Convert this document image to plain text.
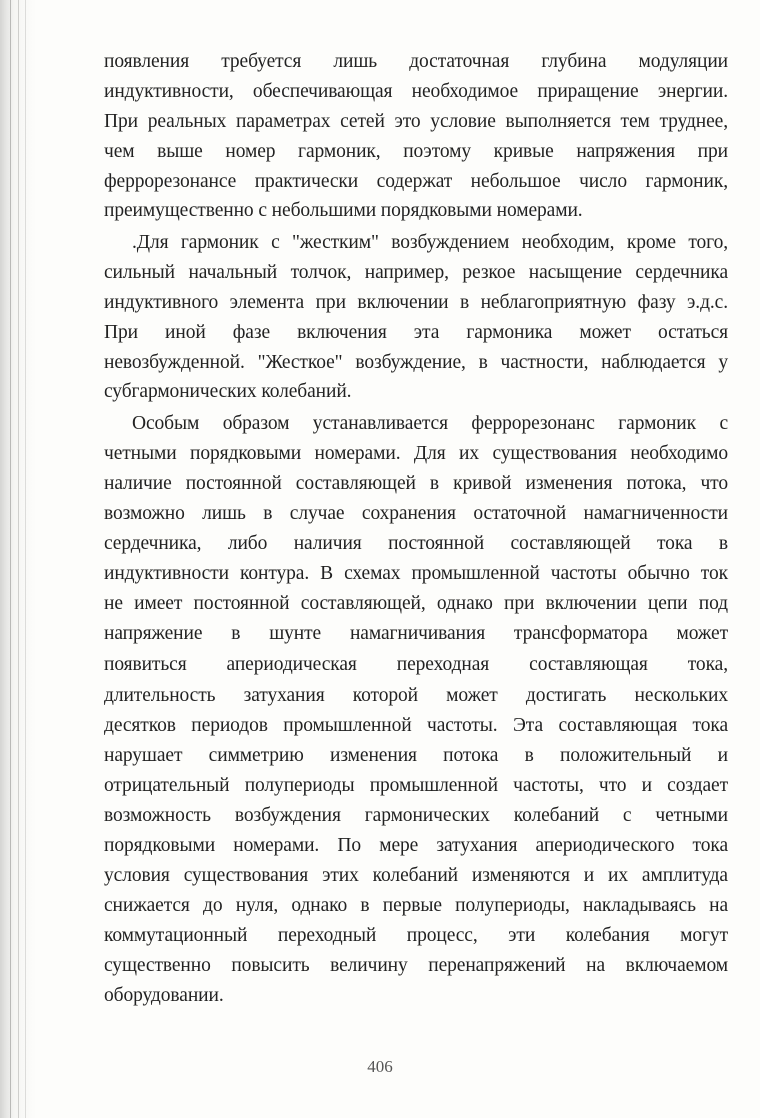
появления требуется лишь достаточная глубина модуляции
индуктивности, обеспечивающая необходимое приращение энергии.
При реальных параметрах сетей это условие выполняется тем труднее,
чем выше номер гармоник, поэтому кривые напряжения при
феррорезонансе практически содержат небольшое число гармоник,
преимущественно с небольшими порядковыми номерами.
.Для гармоник с "жестким" возбуждением необходим, кроме того,
сильный начальный толчок, например, резкое насыщение сердечника
индуктивного элемента при включении в неблагоприятную фазу э.д.с.
При иной фазе включения эта гармоника может остаться
невозбужденной. "Жесткое" возбуждение, в частности, наблюдается у
субгармонических колебаний.
Особым образом устанавливается феррорезонанс гармоник с
четными порядковыми номерами. Для их существования необходимо
наличие постоянной составляющей в кривой изменения потока, что
возможно лишь в случае сохранения остаточной намагниченности
сердечника, либо наличия постоянной составляющей тока в
индуктивности контура. В схемах промышленной частоты обычно ток
не имеет постоянной составляющей, однако при включении цепи под
напряжение в шунте намагничивания трансформатора может
появиться апериодическая переходная составляющая тока,
длительность затухания которой может достигать нескольких
десятков периодов промышленной частоты. Эта составляющая тока
нарушает симметрию изменения потока в положительный и
отрицательный полупериоды промышленной частоты, что и создает
возможность возбуждения гармонических колебаний с четными
порядковыми номерами. По мере затухания апериодического тока
условия существования этих колебаний изменяются и их амплитуда
снижается до нуля, однако в первые полупериоды, накладываясь на
коммутационный переходный процесс, эти колебания могут
существенно повысить величину перенапряжений на включаемом
оборудовании.
406
